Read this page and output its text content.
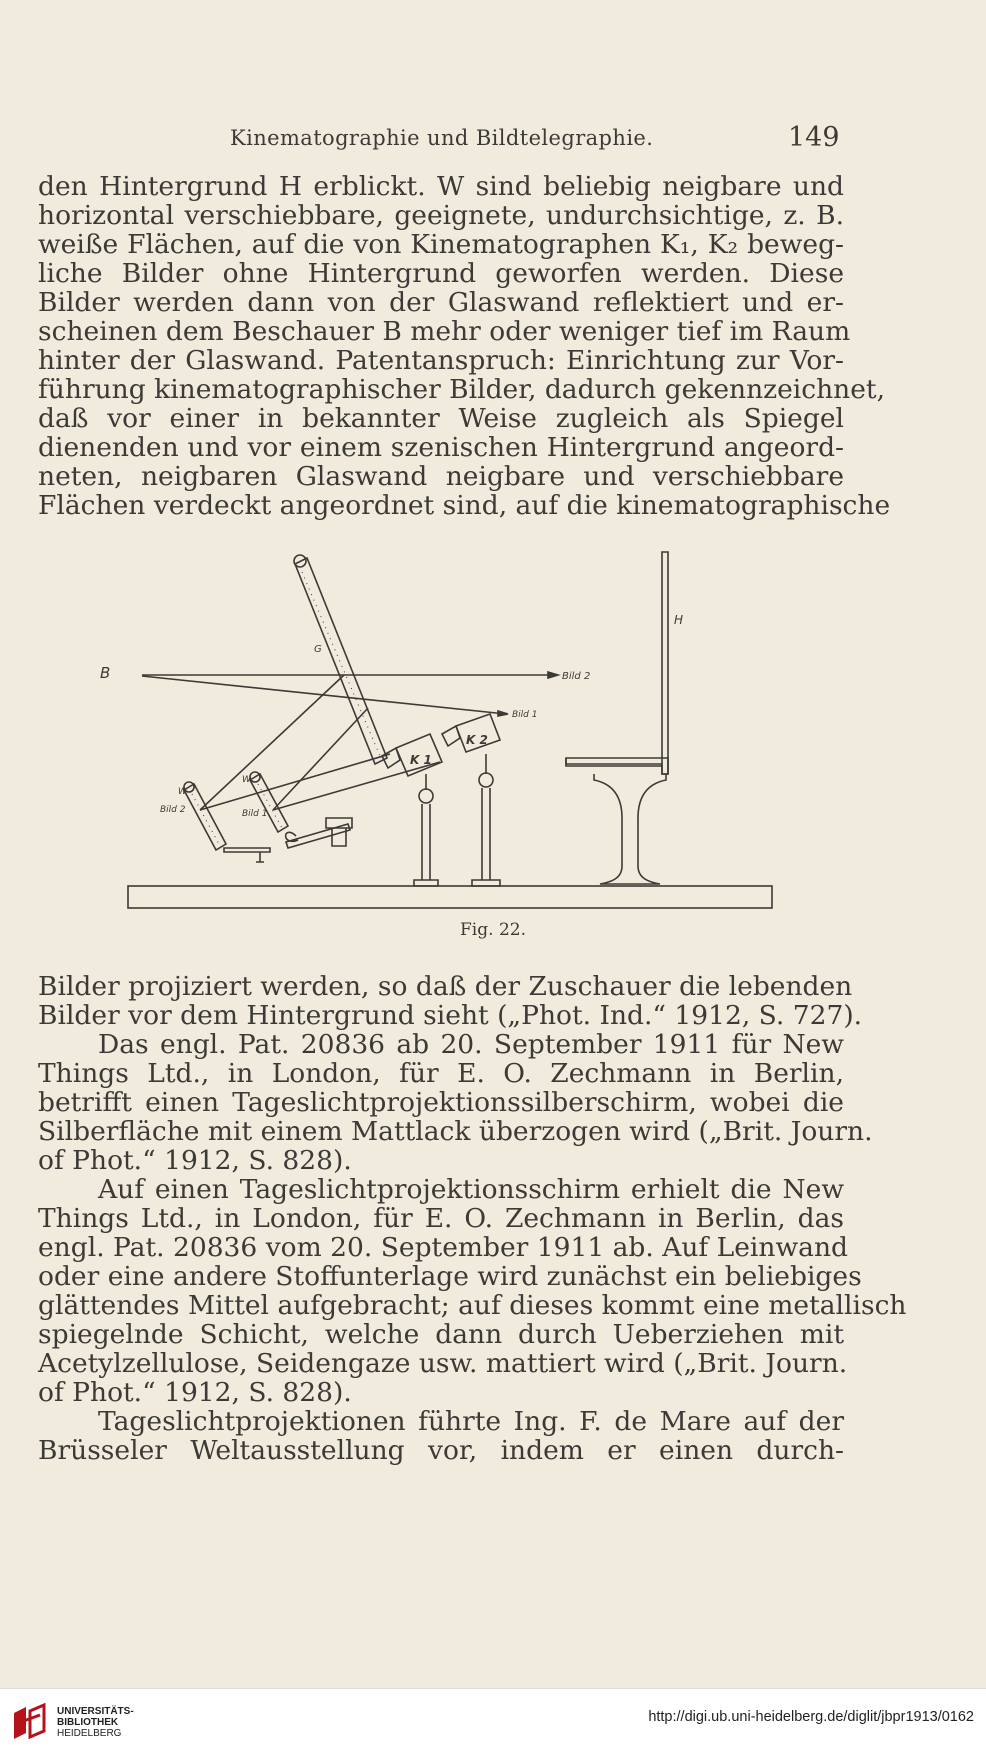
Kinematographie und Bildtelegraphie.	149
den Hintergrund H erblickt. W sind beliebig neigbare und
horizontal verschiebbare, geeignete, undurchsichtige, z. B.
weiße Flächen, auf die von Kinematographen K₁, K₂ beweg-
liche Bilder ohne Hintergrund geworfen werden. Diese
Bilder werden dann von der Glaswand reflektiert und er-
scheinen dem Beschauer B mehr oder weniger tief im Raum
hinter der Glaswand. Patentanspruch: Einrichtung zur Vor-
führung kinematographischer Bilder, dadurch gekennzeichnet,
daß vor einer in bekannter Weise zugleich als Spiegel
dienenden und vor einem szenischen Hintergrund angeord-
neten, neigbaren Glaswand neigbare und verschiebbare
Flächen verdeckt angeordnet sind, auf die kinematographische
B
H
G
Bild 2
Bild 1
K 1
K 2
W
W
Bild 2	Bild 1
Fig. 22.
Bilder projiziert werden, so daß der Zuschauer die lebenden
Bilder vor dem Hintergrund sieht („Phot. Ind.“ 1912, S. 727).
Das engl. Pat. 20836 ab 20. September 1911 für New
Things Ltd., in London, für E. O. Zechmann in Berlin,
betrifft einen Tageslichtprojektionssilberschirm, wobei die
Silberfläche mit einem Mattlack überzogen wird („Brit. Journ.
of Phot.“ 1912, S. 828).
Auf einen Tageslichtprojektionsschirm erhielt die New
Things Ltd., in London, für E. O. Zechmann in Berlin, das
engl. Pat. 20836 vom 20. September 1911 ab. Auf Leinwand
oder eine andere Stoffunterlage wird zunächst ein beliebiges
glättendes Mittel aufgebracht; auf dieses kommt eine metallisch
spiegelnde Schicht, welche dann durch Ueberziehen mit
Acetylzellulose, Seidengaze usw. mattiert wird („Brit. Journ.
of Phot.“ 1912, S. 828).
Tageslichtprojektionen führte Ing. F. de Mare auf der
Brüsseler Weltausstellung vor, indem er einen durch-
UNIVERSITÄTS-
BIBLIOTHEK
HEIDELBERG
http://digi.ub.uni-heidelberg.de/diglit/jbpr1913/0162
